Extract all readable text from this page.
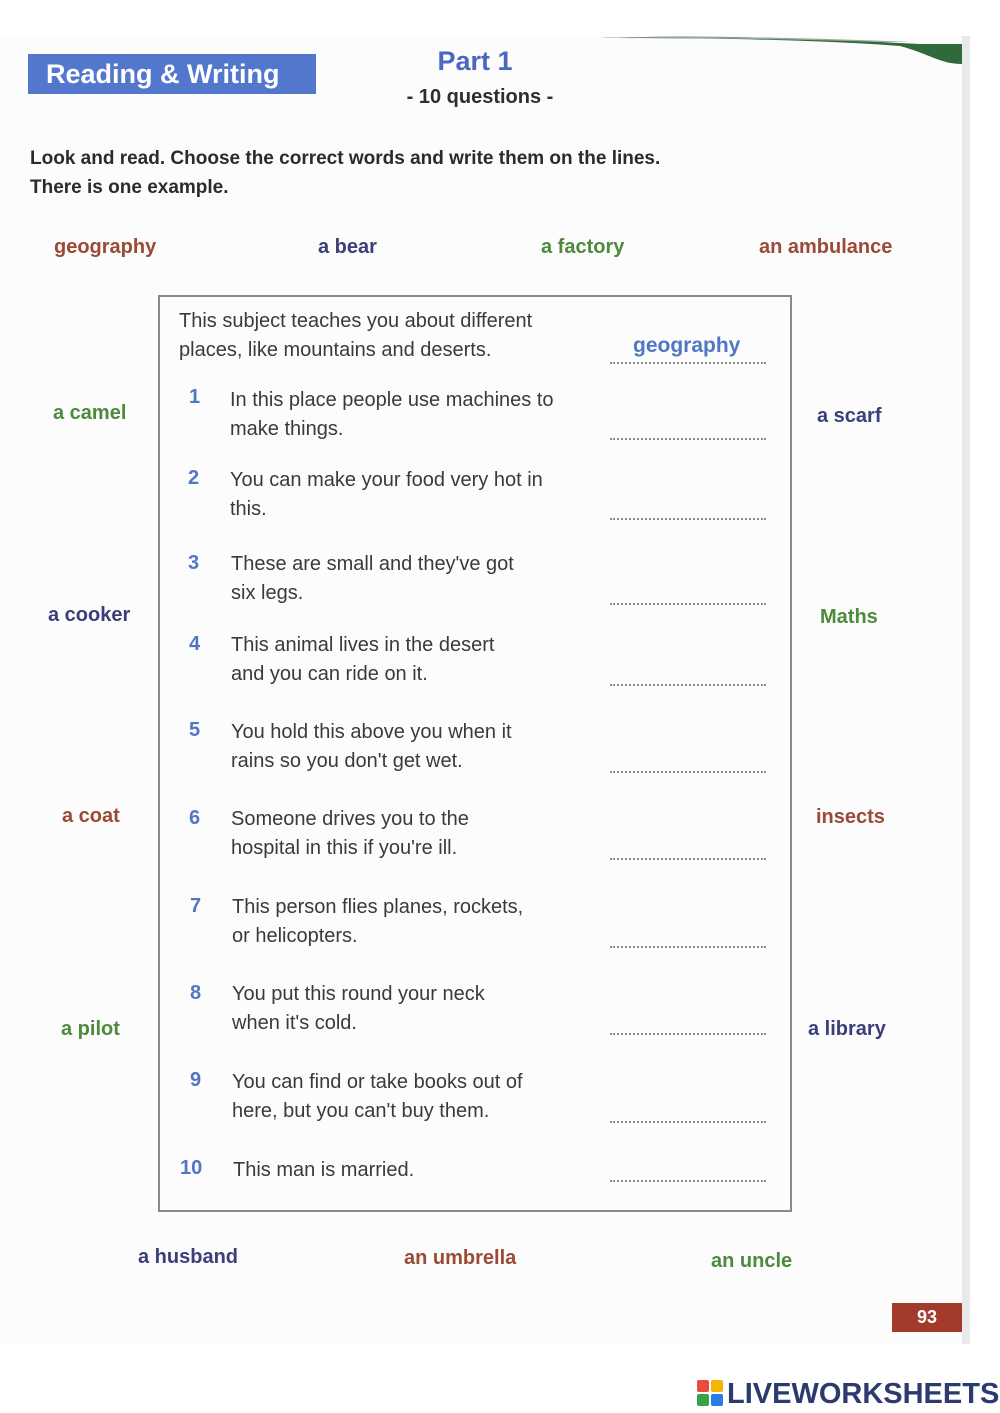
Reading & Writing	Part 1
- 10 questions -
Look and read. Choose the correct words and write them on the lines.
There is one example.
geography	a bear	a factory	an ambulance
a camel
a cooker
a coat
a pilot
a scarf
Maths
insects
a library
a husband	an umbrella	an uncle
This subject teaches you about different
places, like mountains and deserts.	geography
1 In this place people use machines to
make things.
2 You can make your food very hot in
this.
3 These are small and they've got
six legs.
4 This animal lives in the desert
and you can ride on it.
5 You hold this above you when it
rains so you don't get wet.
6 Someone drives you to the
hospital in this if you're ill.
7 This person flies planes, rockets,
or helicopters.
8 You put this round your neck
when it's cold.
9 You can find or take books out of
here, but you can't buy them.
10 This man is married.
93
LIVEWORKSHEETS
